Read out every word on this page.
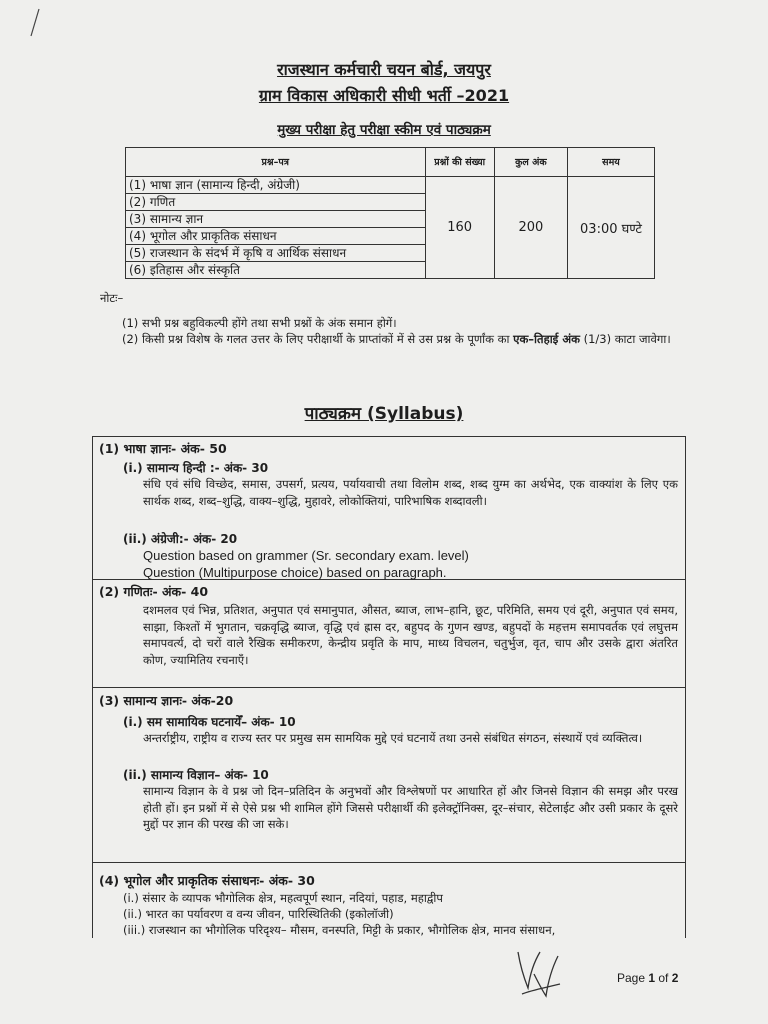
राजस्थान कर्मचारी चयन बोर्ड, जयपुर
ग्राम विकास अधिकारी सीधी भर्ती –2021
मुख्य परीक्षा हेतु परीक्षा स्कीम एवं पाठ्यक्रम
प्रश्न–पत्र	प्रश्नों की संख्या	कुल अंक	समय
(1) भाषा ज्ञान (सामान्य हिन्दी, अंग्रेजी)	160	200	03:00 घण्टे
(2) गणित			
(3) सामान्य ज्ञान			
(4) भूगोल और प्राकृतिक संसाधन			
(5) राजस्थान के संदर्भ में कृषि व आर्थिक संसाधन			
(6) इतिहास और संस्कृति			
नोटः–
(1) सभी प्रश्न बहुविकल्पी होंगे तथा सभी प्रश्नों के अंक समान होगें।
(2) किसी प्रश्न विशेष के गलत उत्तर के लिए परीक्षार्थी के प्राप्तांकों में से उस प्रश्न के पूर्णांक का एक–तिहाई अंक (1/3) काटा जावेगा।
पाठ्यक्रम (Syllabus)
(1) भाषा ज्ञानः- अंक- 50
(i.) सामान्य हिन्दी :- अंक- 30
संधि एवं संधि विच्छेद, समास, उपसर्ग, प्रत्यय, पर्यायवाची तथा विलोम शब्द, शब्द युग्म का अर्थभेद, एक वाक्यांश के लिए एक सार्थक शब्द, शब्द–शुद्धि, वाक्य–शुद्धि, मुहावरे, लोकोक्तियां, पारिभाषिक शब्दावली।
(ii.) अंग्रेजी:- अंक- 20
Question based on grammer (Sr. secondary exam. level)
Question (Multipurpose choice) based on paragraph.
(2) गणितः- अंक- 40
दशमलव एवं भिन्न, प्रतिशत, अनुपात एवं समानुपात, औसत, ब्याज, लाभ–हानि, छूट, परिमिति, समय एवं दूरी, अनुपात एवं समय, साझा, किश्तों में भुगतान, चक्रवृद्धि ब्याज, वृद्धि एवं ह्रास दर, बहुपद के गुणन खण्ड, बहुपदों के महत्तम समापवर्तक एवं लघुत्तम समापवर्त्य, दो चरों वाले रैखिक समीकरण, केन्द्रीय प्रवृति के माप, माध्य विचलन, चतुर्भुज, वृत, चाप और उसके द्वारा अंतरित कोण, ज्यामितिय रचनाएँ।
(3) सामान्य ज्ञानः- अंक-20
(i.) सम सामायिक घटनायेँ– अंक- 10
अन्तर्राष्ट्रीय, राष्ट्रीय व राज्य स्तर पर प्रमुख सम सामयिक मुद्दे एवं घटनायें तथा उनसे संबंधित संगठन, संस्थायें एवं व्यक्तित्व।
(ii.) सामान्य विज्ञान– अंक- 10
सामान्य विज्ञान के वे प्रश्न जो दिन–प्रतिदिन के अनुभवों और विश्लेषणों पर आधारित हों और जिनसे विज्ञान की समझ और परख होती हों। इन प्रश्नों में से ऐसे प्रश्न भी शामिल होंगे जिससे परीक्षार्थी की इलेक्ट्रॉनिक्स, दूर–संचार, सेटेलाईट और उसी प्रकार के दूसरे मुद्दों पर ज्ञान की परख की जा सके।
(4) भूगोल और प्राकृतिक संसाधनः- अंक- 30
(i.) संसार के व्यापक भौगोलिक क्षेत्र, महत्वपूर्ण स्थान, नदियां, पहाड, महाद्वीप
(ii.) भारत का पर्यावरण व वन्य जीवन, पारिस्थितिकी (इकोलॉजी)
(iii.) राजस्थान का भौगोलिक परिदृश्य– मौसम, वनस्पति, मिट्टी के प्रकार, भौगोलिक क्षेत्र, मानव संसाधन,
Page 1 of 2
